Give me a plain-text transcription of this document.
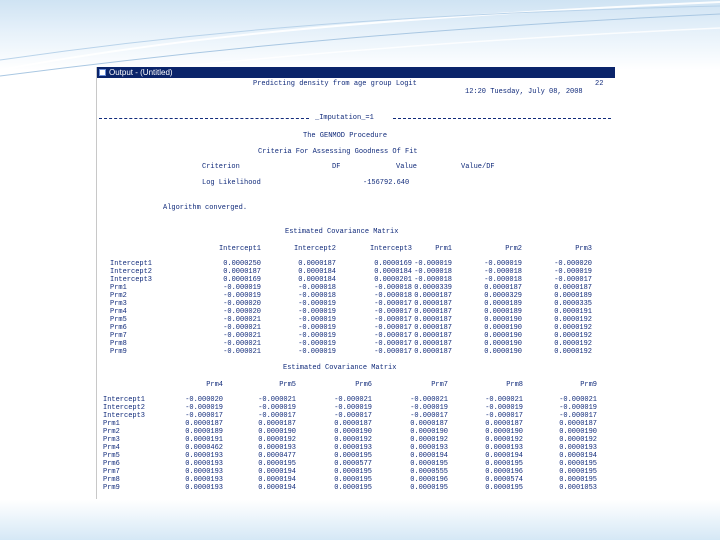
Output - (Untitled)
Predicting density from age group Logit	22
12:20 Tuesday, July 08, 2008
_Imputation_=1
The GENMOD Procedure
Criteria For Assessing Goodness Of Fit
Criterion	DF	Value	Value/DF
Log Likelihood	-156792.640
Algorithm converged.
Estimated Covariance Matrix
Intercept1	Intercept2	Intercept3	Prm1	Prm2	Prm3
Intercept1	0.0000250	0.0000187	0.0000169 -0.000019	-0.000019	-0.000020
Intercept2	0.0000187	0.0000184	0.0000184 -0.000018	-0.000018	-0.000019
Intercept3	0.0000169	0.0000184	0.0000201 -0.000018	-0.000018	-0.000017
Prm1	-0.000019	-0.000018	-0.000018 0.0000339	0.0000187	0.0000187
Prm2	-0.000019	-0.000018	-0.000018 0.0000187	0.0000329	0.0000189
Prm3	-0.000020	-0.000019	-0.000017 0.0000187	0.0000189	0.0000335
Prm4	-0.000020	-0.000019	-0.000017 0.0000187	0.0000189	0.0000191
Prm5	-0.000021	-0.000019	-0.000017 0.0000187	0.0000190	0.0000192
Prm6	-0.000021	-0.000019	-0.000017 0.0000187	0.0000190	0.0000192
Prm7	-0.000021	-0.000019	-0.000017 0.0000187	0.0000190	0.0000192
Prm8	-0.000021	-0.000019	-0.000017 0.0000187	0.0000190	0.0000192
Prm9	-0.000021	-0.000019	-0.000017 0.0000187	0.0000190	0.0000192
Estimated Covariance Matrix
Prm4	Prm5	Prm6	Prm7	Prm8	Prm9
Intercept1	-0.000020	-0.000021	-0.000021	-0.000021	-0.000021	-0.000021
Intercept2	-0.000019	-0.000019	-0.000019	-0.000019	-0.000019	-0.000019
Intercept3	-0.000017	-0.000017	-0.000017	-0.000017	-0.000017	-0.000017
Prm1	0.0000187	0.0000187	0.0000187	0.0000187	0.0000187	0.0000187
Prm2	0.0000189	0.0000190	0.0000190	0.0000190	0.0000190	0.0000190
Prm3	0.0000191	0.0000192	0.0000192	0.0000192	0.0000192	0.0000192
Prm4	0.0000462	0.0000193	0.0000193	0.0000193	0.0000193	0.0000193
Prm5	0.0000193	0.0000477	0.0000195	0.0000194	0.0000194	0.0000194
Prm6	0.0000193	0.0000195	0.0000577	0.0000195	0.0000195	0.0000195
Prm7	0.0000193	0.0000194	0.0000195	0.0000555	0.0000196	0.0000195
Prm8	0.0000193	0.0000194	0.0000195	0.0000196	0.0000574	0.0000195
Prm9	0.0000193	0.0000194	0.0000195	0.0000195	0.0000195	0.0001053
